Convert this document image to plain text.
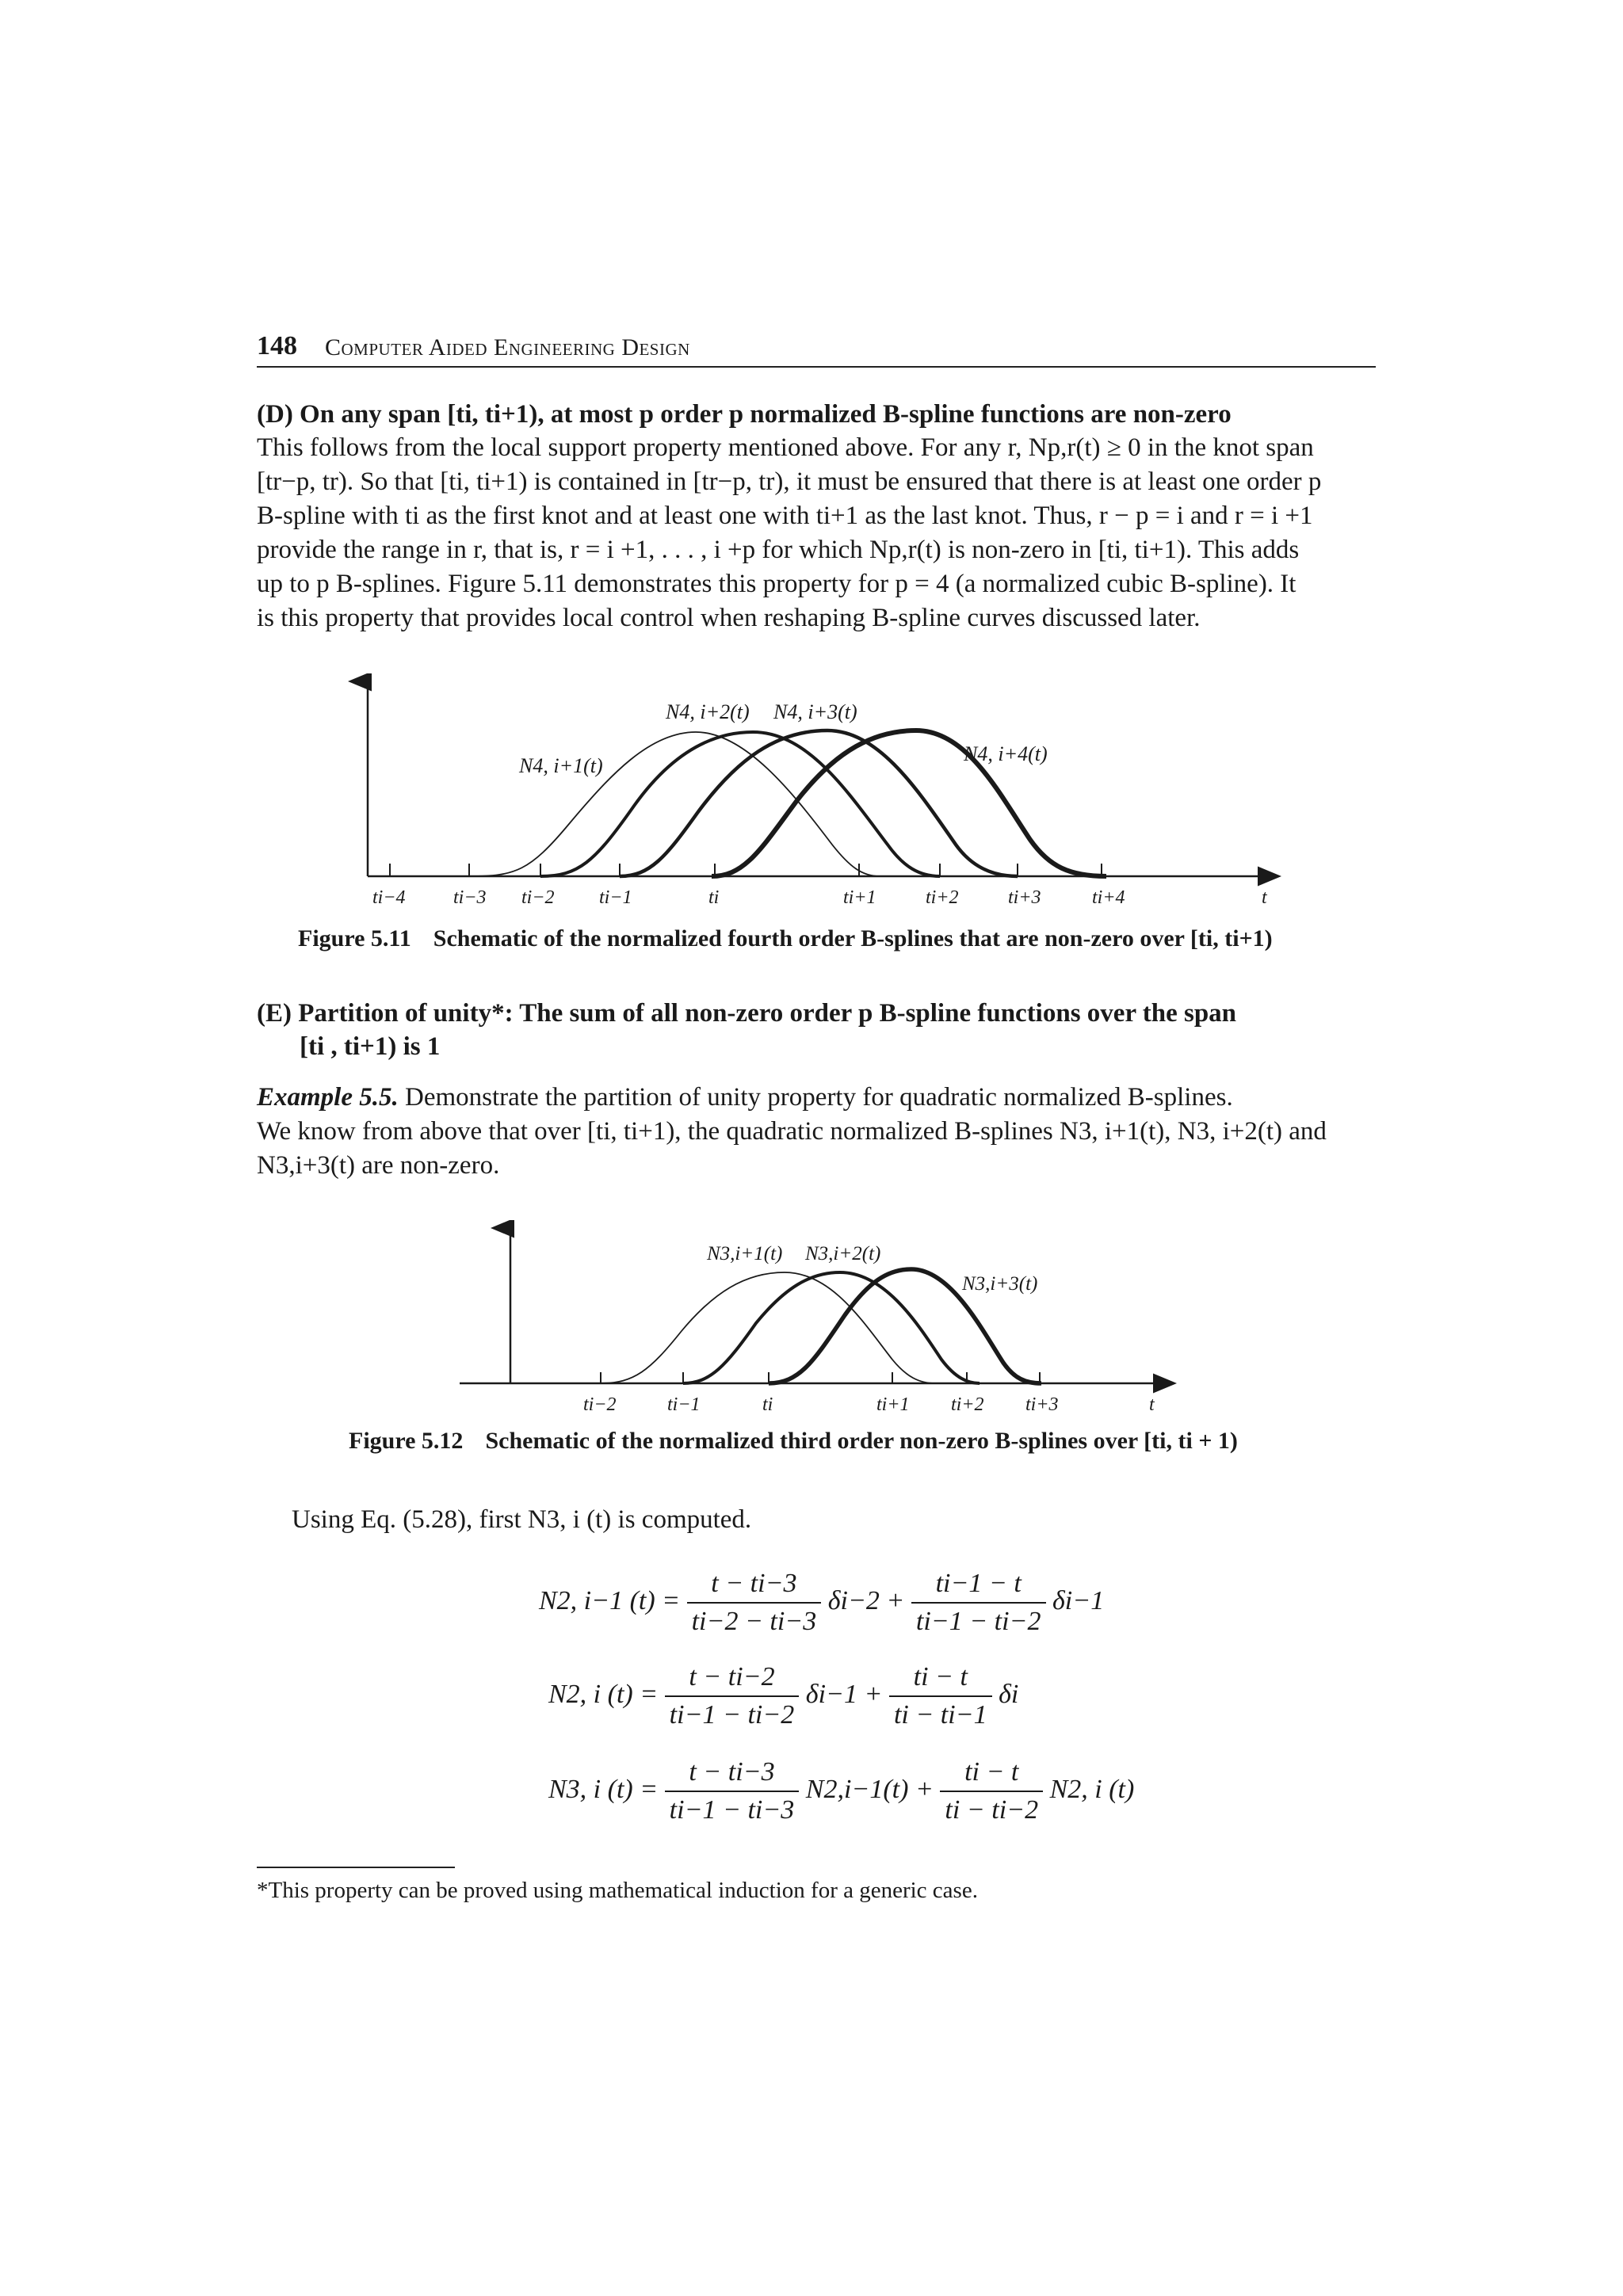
148 Computer Aided Engineering Design
(D) On any span [ti, ti+1), at most p order p normalized B-spline functions are non-zero
This follows from the local support property mentioned above. For any r, Np,r(t) ≥ 0 in the knot span
[tr−p, tr). So that [ti, ti+1) is contained in [tr−p, tr), it must be ensured that there is at least one order p
B-spline with ti as the first knot and at least one with ti+1 as the last knot. Thus, r − p = i and r = i +1
provide the range in r, that is, r = i +1, . . . , i +p for which Np,r(t) is non-zero in [ti, ti+1). This adds
up to p B-splines. Figure 5.11 demonstrates this property for p = 4 (a normalized cubic B-spline). It
is this property that provides local control when reshaping B-spline curves discussed later.
N4, i+1(t)
N4, i+2(t) N4, i+3(t)
N4, i+4(t)
ti−4	ti−3 ti−2 ti−1	ti	ti+1	ti+2	ti+3	ti+4	t
Figure 5.11 Schematic of the normalized fourth order B-splines that are non-zero over [ti, ti+1)
(E) Partition of unity*: The sum of all non-zero order p B-spline functions over the span
[ti , ti+1) is 1
Example 5.5. Demonstrate the partition of unity property for quadratic normalized B-splines.
We know from above that over [ti, ti+1), the quadratic normalized B-splines N3, i+1(t), N3, i+2(t) and
N3,i+3(t) are non-zero.
N3,i+1(t) N3,i+2(t)
N3,i+3(t)
ti−2	ti−1	ti	ti+1 ti+2 ti+3	t
Figure 5.12 Schematic of the normalized third order non-zero B-splines over [ti, ti + 1)
Using Eq. (5.28), first N3, i (t) is computed.
N2, i−1 $(t) = \frac{t - ti-3}{ti-2 - ti-3} \delta i-2 + \frac{ti-1 - t}{ti-1 - ti-2} \delta i-1$
N2, i $(t) = \frac{t - ti-2}{ti-1 - ti-2} \delta i-1 + \frac{ti - t}{ti - ti-1}$ δi
N3, i $(t) = \frac{t - ti-3}{ti-1 - ti-3} N2,i-1(t) + \frac{ti - t}{ti - ti-2} N2$, i (t)
*This property can be proved using mathematical induction for a generic case.
